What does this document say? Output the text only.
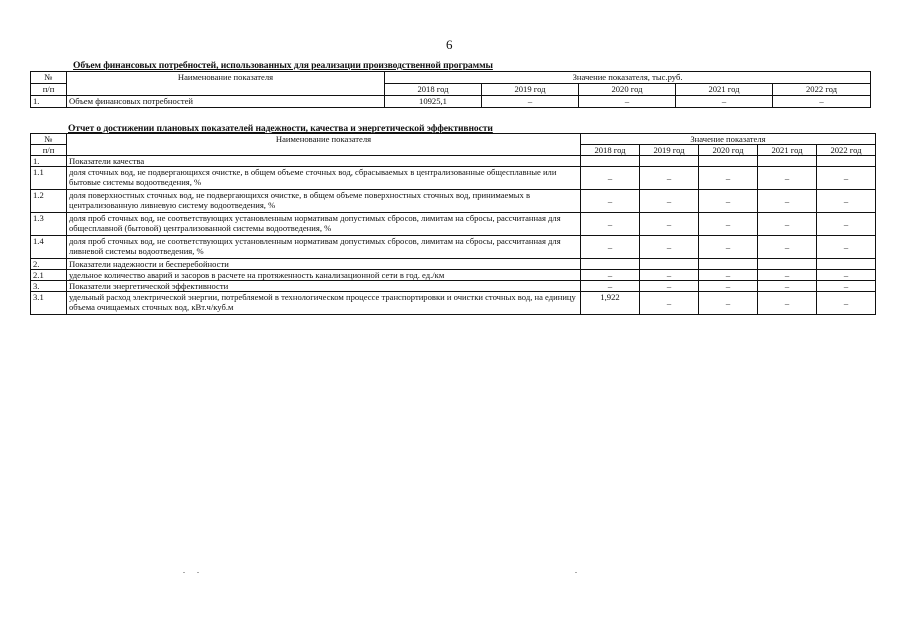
6
Объем финансовых потребностей, использованных для реализации производственной программы
№	Наименование показателя	Значение показателя, тыс.руб.				
п/п		2018 год	2019 год	2020 год	2021 год	2022 год
1.	Объем финансовых потребностей	10925,1	–	–	–	–
Отчет о достижении плановых показателей надежности, качества и энергетической эффективности
№	Наименование показателя	Значение показателя				
п/п		2018 год	2019 год	2020 год	2021 год	2022 год
1.	Показатели качества					
1.1	доля сточных вод, не подвергающихся очистке, в общем объеме сточных вод, сбрасываемых в централизованные общесплавные или бытовые системы водоотведения, %	–	–	–	–	–
1.2	доля поверхностных сточных вод, не подвергающихся очистке, в общем объеме поверхностных сточных вод, принимаемых в централизованную ливневую систему водоотведения, %	–	–	–	–	–
1.3	доля проб сточных вод, не соответствующих установленным нормативам допустимых сбросов, лимитам на сбросы, рассчитанная для общесплавной (бытовой) централизованной системы водоотведения, %	–	–	–	–	–
1.4	доля проб сточных вод, не соответствующих установленным нормативам допустимых сбросов, лимитам на сбросы, рассчитанная для ливневой системы водоотведения, %	–	–	–	–	–
2.	Показатели надежности и бесперебойности					
2.1	удельное количество аварий и засоров в расчете на протяженность канализационной сети в год. ед./км	–	–	–	–	–
3.	Показатели энергетической эффективности	–	–	–	–	–
3.1	удельный расход электрической энергии, потребляемой в технологическом процессе транспортировки и очистки сточных вод, на единицу объема очищаемых сточных вод, кВт.ч/куб.м	1,922	–	–	–	–
